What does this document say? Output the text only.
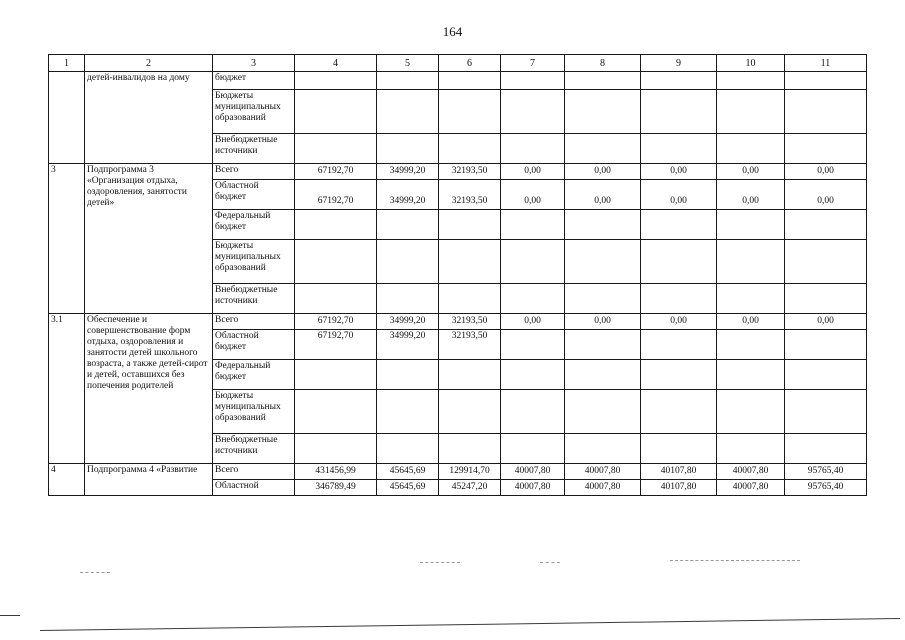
164
1	2	3	4	5	6	7	8	9	10	11
	детей-инвалидов на дому	бюджет								
		Бюджеты муниципальных образований								
		Внебюджетные источники								
3	Подпрограмма 3 «Организация отдыха, оздоровления, занятости детей»	Всего	67192,70	34999,20	32193,50	0,00	0,00	0,00	0,00	0,00
		Областной бюджет	67192,70	34999,20	32193,50	0,00	0,00	0,00	0,00	0,00
		Федеральный бюджет								
		Бюджеты муниципальных образований								
		Внебюджетные источники								
3.1	Обеспечение и совершенствование форм отдыха, оздоровления и занятости детей школьного возраста, а также детей-сирот и детей, оставшихся без попечения родителей	Всего	67192,70	34999,20	32193,50	0,00	0,00	0,00	0,00	0,00
		Областной бюджет	67192,70	34999,20	32193,50					
		Федеральный бюджет								
		Бюджеты муниципальных образований								
		Внебюджетные источники								
4	Подпрограмма 4 «Развитие	Всего	431456,99	45645,69	129914,70	40007,80	40007,80	40107,80	40007,80	95765,40
		Областной	346789,49	45645,69	45247,20	40007,80	40007,80	40107,80	40007,80	95765,40
